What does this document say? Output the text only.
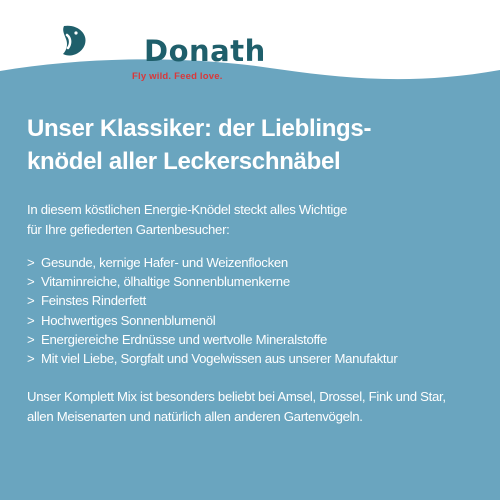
Donath
Fly wild. Feed love.
Unser Klassiker: der Lieblings-
knödel aller Leckerschnäbel

In diesem köstlichen Energie-Knödel steckt alles Wichtige
für Ihre gefiederten Gartenbesucher:

> Gesunde, kernige Hafer- und Weizenflocken
> Vitaminreiche, ölhaltige Sonnenblumenkerne
> Feinstes Rinderfett
> Hochwertiges Sonnenblumenöl
> Energiereiche Erdnüsse und wertvolle Mineralstoffe
> Mit viel Liebe, Sorgfalt und Vogelwissen aus unserer Manufaktur

Unser Komplett Mix ist besonders beliebt bei Amsel, Drossel, Fink und Star,
allen Meisenarten und natürlich allen anderen Gartenvögeln.
